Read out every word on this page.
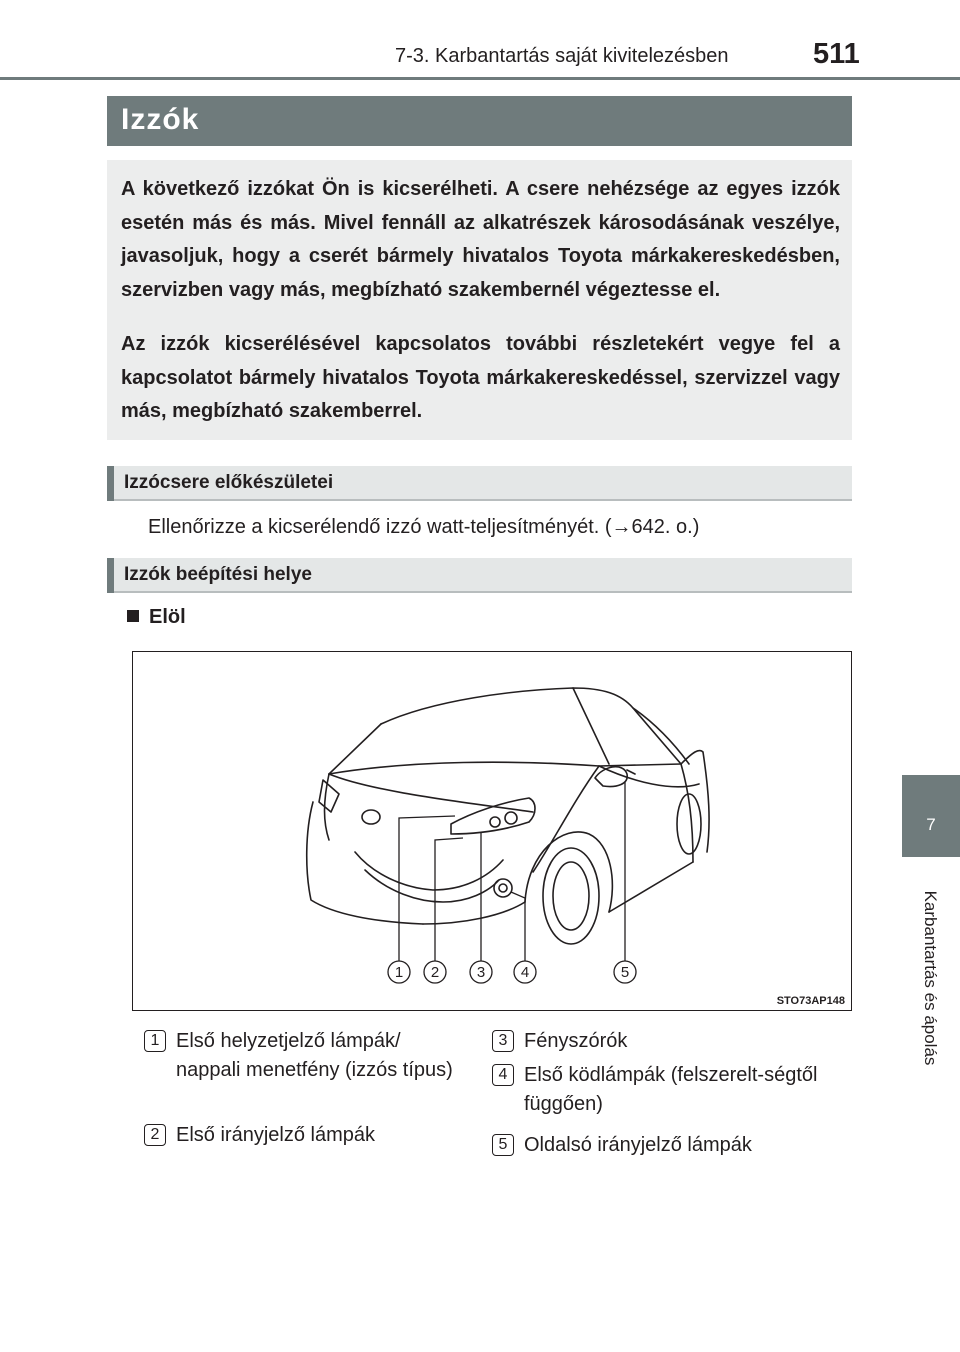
7-3. Karbantartás saját kivitelezésben	511
7
Karbantartás és ápolás
Izzók

A következő izzókat Ön is kicserélheti. A csere nehézsége az egyes izzók esetén más és más. Mivel fennáll az alkatrészek károsodásának veszélye, javasoljuk, hogy a cserét bármely hivatalos Toyota márkakereskedésben, szervizben vagy más, megbízható szakembernél végeztesse el.

Az izzók kicserélésével kapcsolatos további részletekért vegye fel a kapcsolatot bármely hivatalos Toyota márkakereskedéssel, szervizzel vagy más, megbízható szakemberrel.

Izzócsere előkészületei
Ellenőrizze a kicserélendő izzó watt-teljesítményét. (→642. o.)
Izzók beépítési helye
Elöl
1 2	3 4	5
STO73AP148
1 Első helyzetjelző lámpák/ nappali menetfény (izzós típus)
2 Első irányjelző lámpák
3 Fényszórók
4 Első ködlámpák (felszerelt-ségtől függően)
5 Oldalsó irányjelző lámpák
